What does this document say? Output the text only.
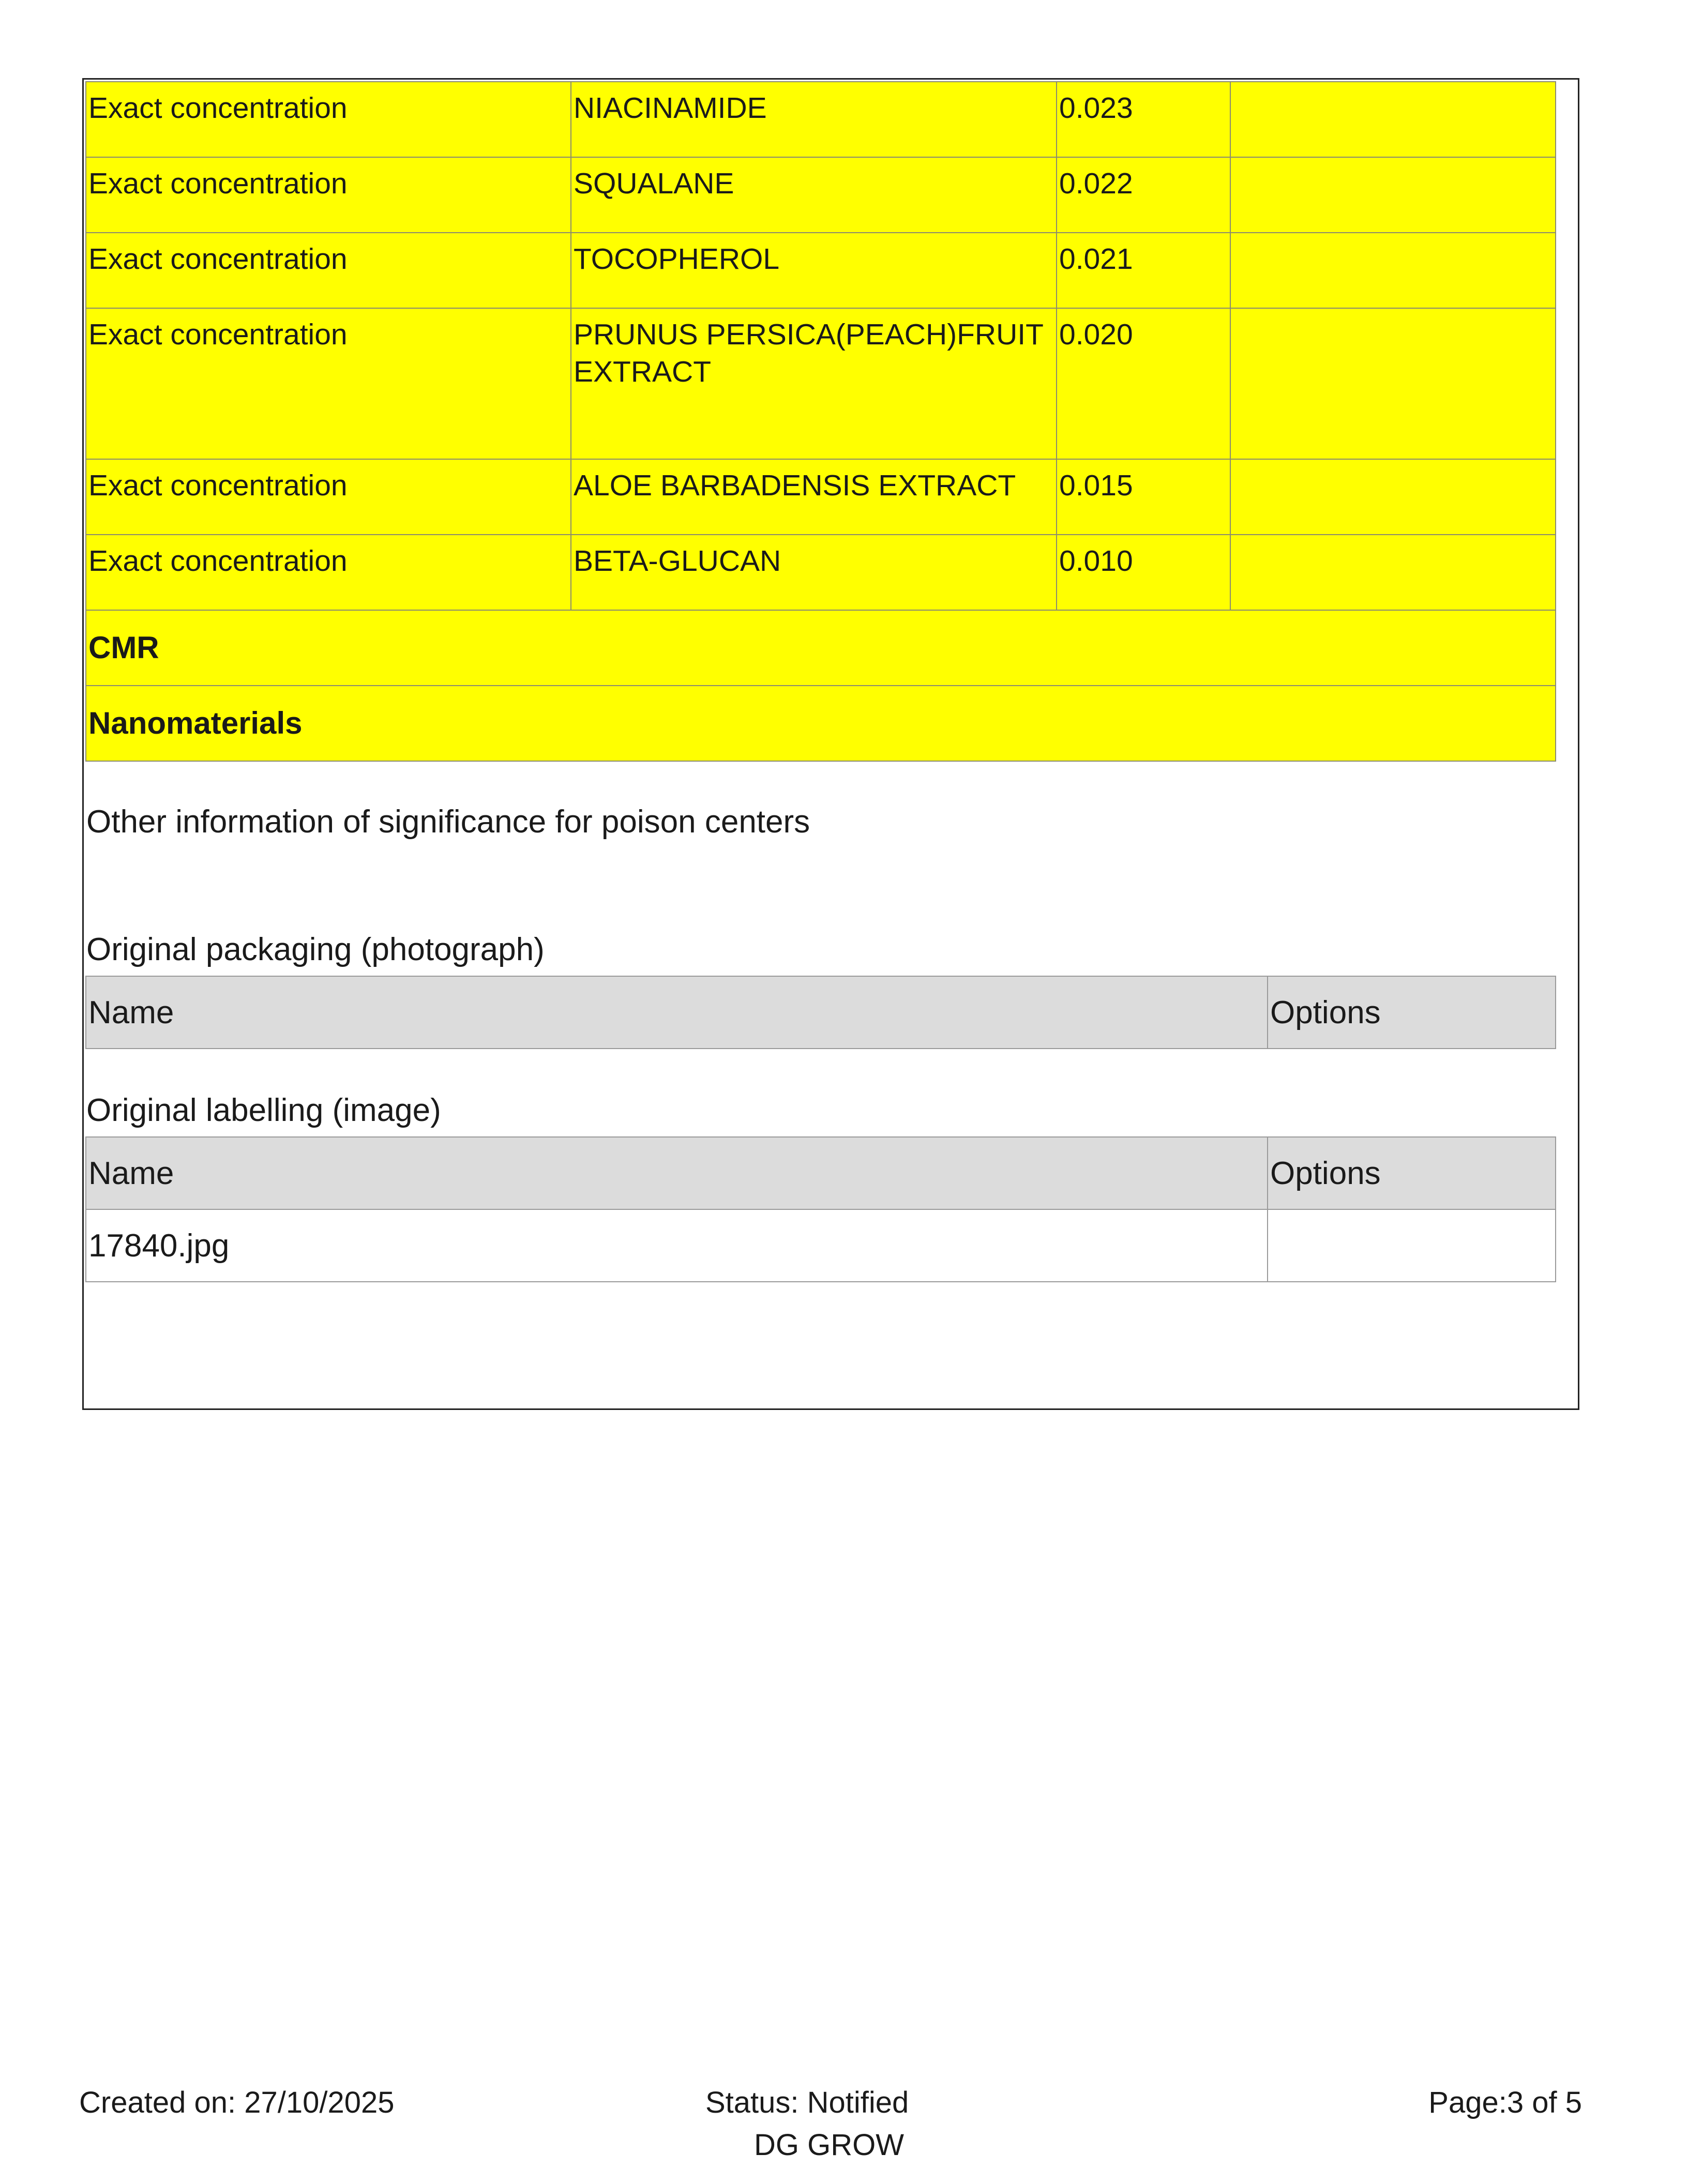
Exact concentration	NIACINAMIDE	0.023	
Exact concentration	SQUALANE	0.022	
Exact concentration	TOCOPHEROL	0.021	
Exact concentration	PRUNUS PERSICA(PEACH)FRUIT EXTRACT	0.020	
Exact concentration	ALOE BARBADENSIS EXTRACT	0.015	
Exact concentration	BETA-GLUCAN	0.010	
CMR			
Nanomaterials			

Other information of significance for poison centers

Original packaging (photograph)

Name	Options

Original labelling (image)

Name	Options
17840.jpg	
Created on: 27/10/2025	Status: Notified
DG GROW
Page:3 of 5
